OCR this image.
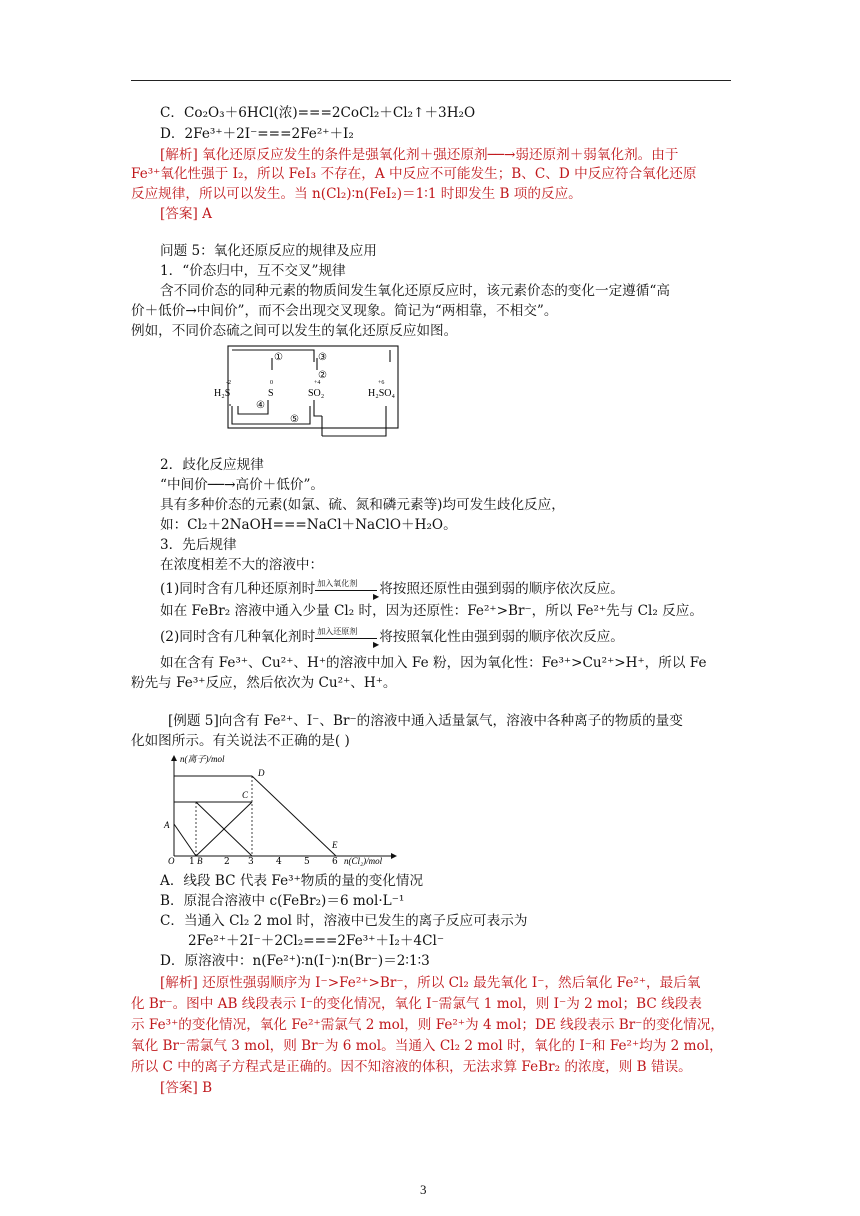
C．Co₂O₃＋6HCl(浓)===2CoCl₂＋Cl₂↑＋3H₂O
D．2Fe³⁺＋2I⁻===2Fe²⁺＋I₂
[解析] 氧化还原反应发生的条件是强氧化剂＋强还原剂──→弱还原剂＋弱氧化剂。由于
Fe³⁺氧化性强于 I₂，所以 FeI₃ 不存在，A 中反应不可能发生；B、C、D 中反应符合氧化还原
反应规律，所以可以发生。当 n(Cl₂)∶n(FeI₂)＝1∶1 时即发生 B 项的反应。
[答案] A
问题 5：氧化还原反应的规律及应用
1．“价态归中，互不交叉”规律
含不同价态的同种元素的物质间发生氧化还原反应时，该元素价态的变化一定遵循“高
价＋低价→中间价”，而不会出现交叉现象。简记为“两相靠，不相交”。
例如，不同价态硫之间可以发生的氧化还原反应如图。
-2	0	+4	+6
H₂S	S	SO₂	H₂SO₄
①
②
③
④
⑤
2．歧化反应规律
“中间价──→高价＋低价”。
具有多种价态的元素(如氯、硫、氮和磷元素等)均可发生歧化反应，
如：Cl₂＋2NaOH===NaCl＋NaClO＋H₂O。
3．先后规律
在浓度相差不大的溶液中：
(1)同时含有几种还原剂时 加入氧化剂
▶ 将按照还原性由强到弱的顺序依次反应。
如在 FeBr₂ 溶液中通入少量 Cl₂ 时，因为还原性：Fe²⁺>Br⁻，所以 Fe²⁺先与 Cl₂ 反应。
(2)同时含有几种氧化剂时 加入还原剂
▶ 将按照氧化性由强到弱的顺序依次反应。
如在含有 Fe³⁺、Cu²⁺、H⁺的溶液中加入 Fe 粉，因为氧化性：Fe³⁺>Cu²⁺>H⁺，所以 Fe
粉先与 Fe³⁺反应，然后依次为 Cu²⁺、H⁺。
[例题 5]向含有 Fe²⁺、I⁻、Br⁻的溶液中通入适量氯气，溶液中各种离子的物质的量变
化如图所示。有关说法不正确的是( )
n(离子)/mol
n(Cl₂)/mol
O 1	2 3 4 5 6
A
B
C
D
E
A．线段 BC 代表 Fe³⁺物质的量的变化情况
B．原混合溶液中 c(FeBr₂)＝6 mol·L⁻¹
C．当通入 Cl₂ 2 mol 时，溶液中已发生的离子反应可表示为
2Fe²⁺＋2I⁻＋2Cl₂===2Fe³⁺＋I₂＋4Cl⁻
D．原溶液中：n(Fe²⁺)∶n(I⁻)∶n(Br⁻)＝2∶1∶3
[解析] 还原性强弱顺序为 I⁻>Fe²⁺>Br⁻，所以 Cl₂ 最先氧化 I⁻，然后氧化 Fe²⁺，最后氧
化 Br⁻。图中 AB 线段表示 I⁻的变化情况，氧化 I⁻需氯气 1 mol，则 I⁻为 2 mol；BC 线段表
示 Fe³⁺的变化情况，氧化 Fe²⁺需氯气 2 mol，则 Fe²⁺为 4 mol；DE 线段表示 Br⁻的变化情况，
氧化 Br⁻需氯气 3 mol，则 Br⁻为 6 mol。当通入 Cl₂ 2 mol 时，氧化的 I⁻和 Fe²⁺均为 2 mol，
所以 C 中的离子方程式是正确的。因不知溶液的体积，无法求算 FeBr₂ 的浓度，则 B 错误。
[答案] B
3
